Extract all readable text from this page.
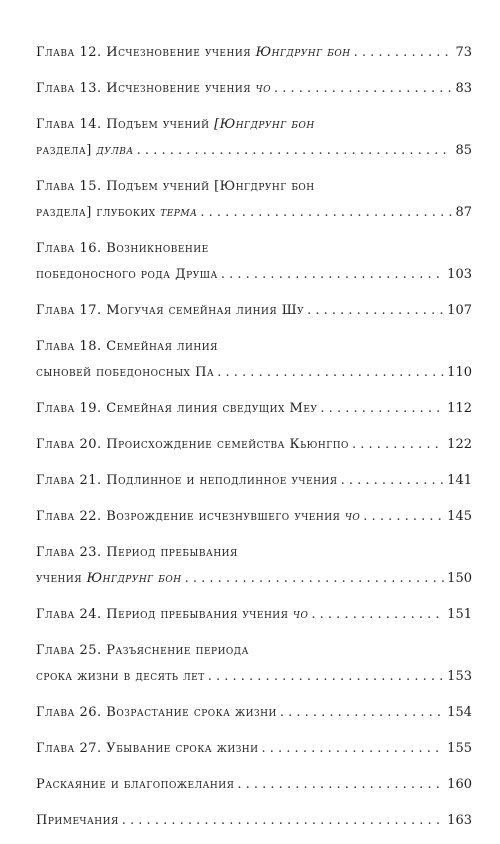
Глава 12. Исчезновение учения Юнгдрунг бон . . .	73
Глава 13. Исчезновение учения чо . . .	83
Глава 14. Подъем учений [Юнгдрунг бон
раздела] дулва . . .	85
Глава 15. Подъем учений [Юнгдрунг бон
раздела] глубоких терма . . .	87
Глава 16. Возникновение
победоносного рода Друша . . .	103
Глава 17. Могучая семейная линия Шу . . .	107
Глава 18. Семейная линия
сыновей победоносных Па . . .	110
Глава 19. Семейная линия сведущих Меу . . .	112
Глава 20. Происхождение семейства Кьюнгпо . . .	122
Глава 21. Подлинное и неподлинное учения . . .	141
Глава 22. Возрождение исчезнувшего учения чо . . .	145
Глава 23. Период пребывания
учения Юнгдрунг бон . . .	150
Глава 24. Период пребывания учения чо . . .	151
Глава 25. Разъяснение периода
срока жизни в десять лет . . .	153
Глава 26. Возрастание срока жизни . . .	154
Глава 27. Убывание срока жизни . . .	155
Раскаяние и благопожелания . . .	160
Примечания . . .	163
